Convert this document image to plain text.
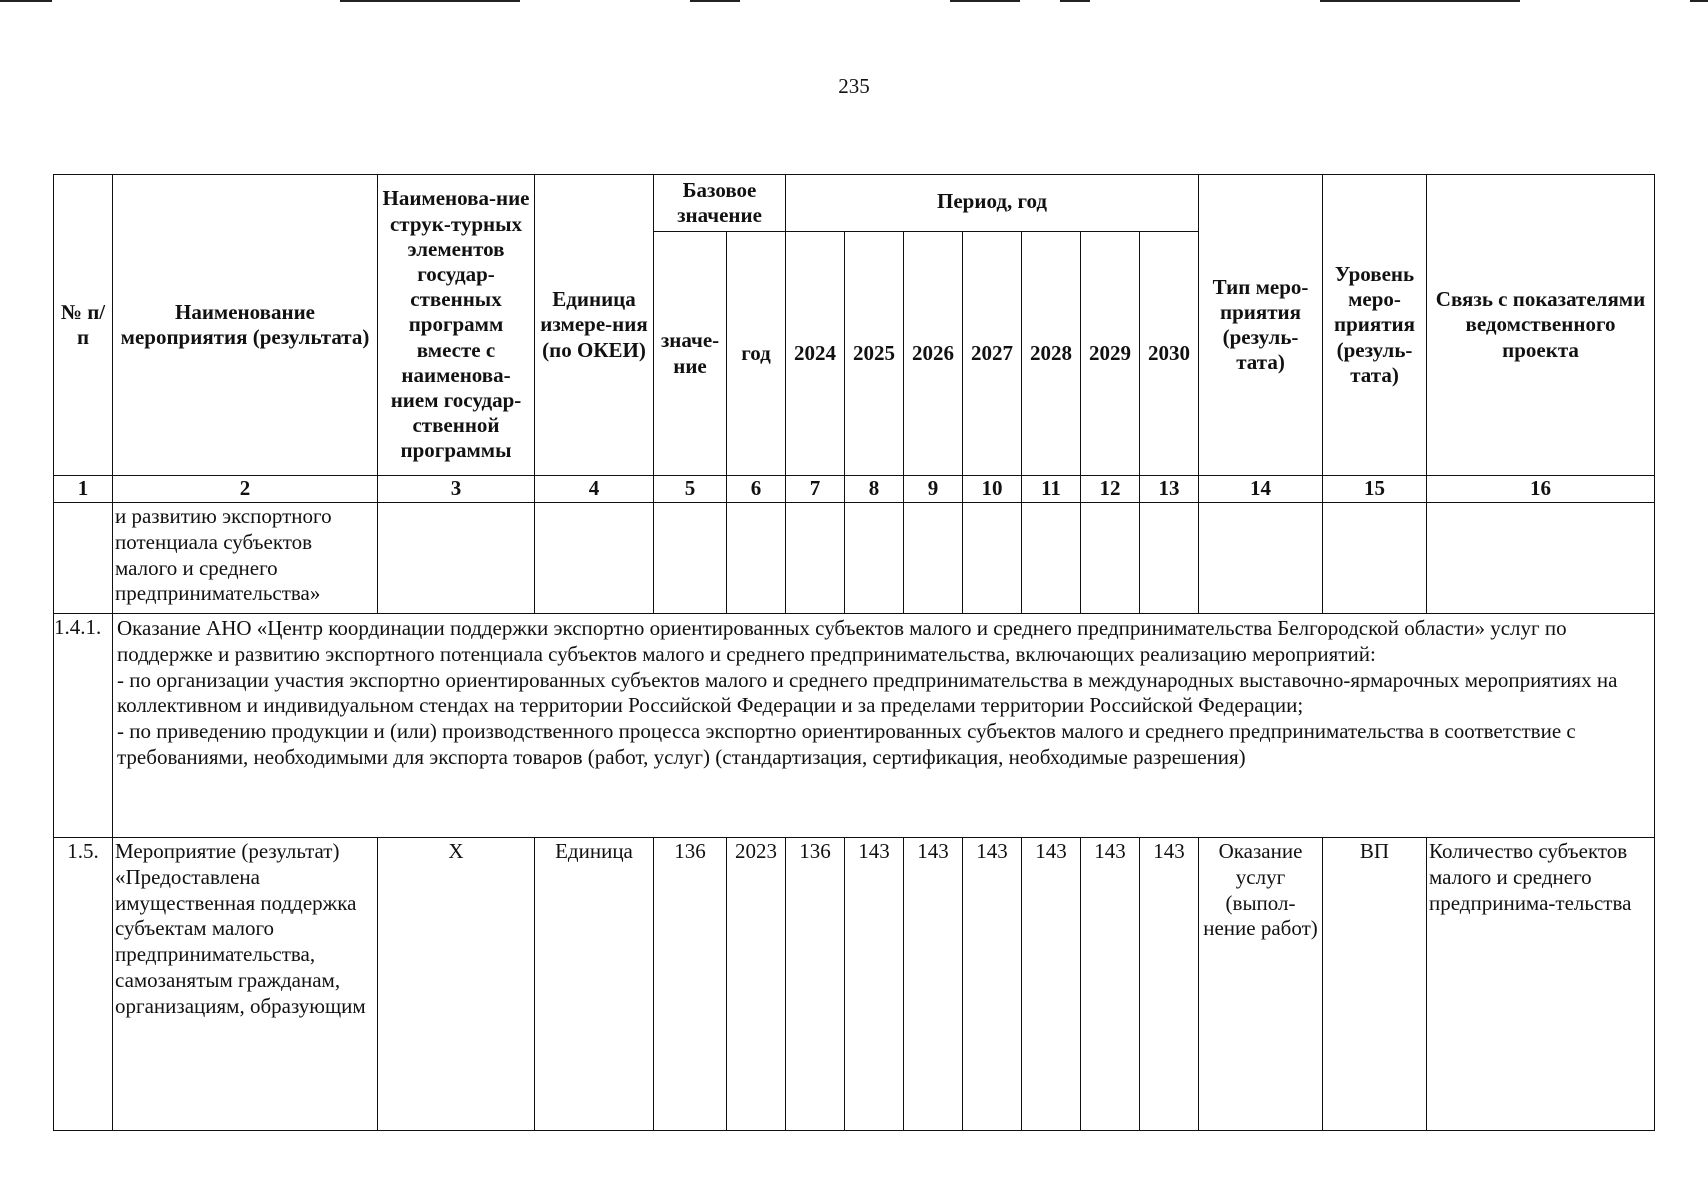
235
№ п/п	Наименование мероприятия (результата)	Наименова-ние струк-турных элементов государ-ственных программ вместе с наименова-нием государ-ственной программы	Единица измере-ния (по ОКЕИ)	Базовое значение		Период, год							Тип меро-приятия (резуль-тата)	Уровень меро-приятия (резуль-тата)	Связь с показателями ведомственного проекта
				значе-ние	год	2024	2025	2026	2027	2028	2029	2030			
1	2	3	4	5	6	7	8	9	10	11	12	13	14	15	16
	и развитию экспортного потенциала субъектов малого и среднего предпринимательства»														
1.4.1.	Оказание АНО «Центр координации поддержки экспортно ориентированных субъектов малого и среднего предпринимательства Белгородской области» услуг по поддержке и развитию экспортного потенциала субъектов малого и среднего предпринимательства, включающих реализацию мероприятий:

- по организации участия экспортно ориентированных субъектов малого и среднего предпринимательства в международных выставочно-ярмарочных мероприятиях на коллективном и индивидуальном стендах на территории Российской Федерации и за пределами территории Российской Федерации;

- по приведению продукции и (или) производственного процесса экспортно ориентированных субъектов малого и среднего предпринимательства в соответствие с требованиями, необходимыми для экспорта товаров (работ, услуг) (стандартизация, сертификация, необходимые разрешения)														

1.5.	Мероприятие (результат) «Предоставлена имущественная поддержка субъектам малого предпринимательства, самозанятым гражданам, организациям, образующим	Х	Единица	136	2023	136	143	143	143	143	143	143	Оказание услуг (выпол-нение работ)	ВП	Количество субъектов малого и среднего предпринима-тельства
